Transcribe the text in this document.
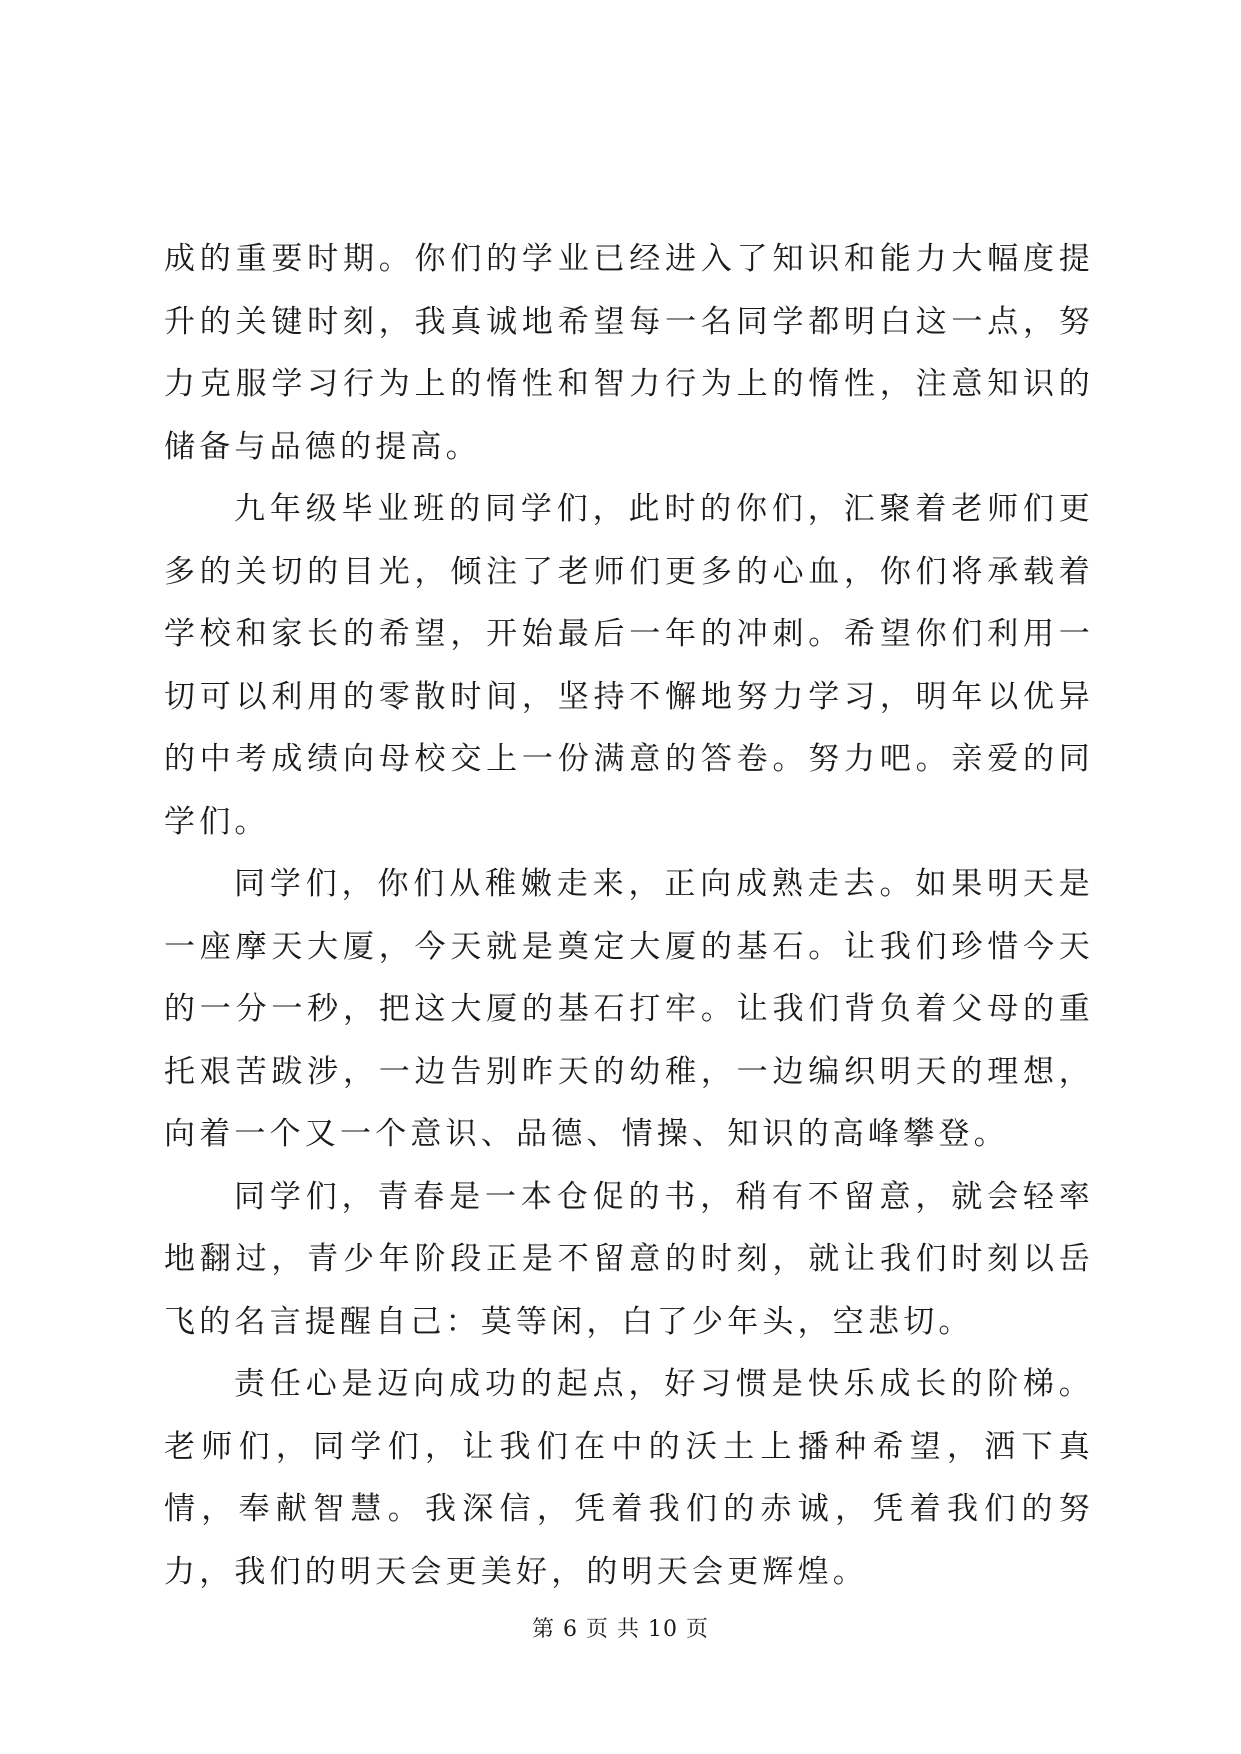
成的重要时期。你们的学业已经进入了知识和能力大幅度提升的关键时刻，我真诚地希望每一名同学都明白这一点，努力克服学习行为上的惰性和智力行为上的惰性，注意知识的储备与品德的提高。

九年级毕业班的同学们，此时的你们，汇聚着老师们更多的关切的目光，倾注了老师们更多的心血，你们将承载着学校和家长的希望，开始最后一年的冲刺。希望你们利用一切可以利用的零散时间，坚持不懈地努力学习，明年以优异的中考成绩向母校交上一份满意的答卷。努力吧。亲爱的同学们。

同学们，你们从稚嫩走来，正向成熟走去。如果明天是一座摩天大厦，今天就是奠定大厦的基石。让我们珍惜今天的一分一秒，把这大厦的基石打牢。让我们背负着父母的重托艰苦跋涉，一边告别昨天的幼稚，一边编织明天的理想，向着一个又一个意识、品德、情操、知识的高峰攀登。

同学们，青春是一本仓促的书，稍有不留意，就会轻率地翻过，青少年阶段正是不留意的时刻，就让我们时刻以岳飞的名言提醒自己：莫等闲，白了少年头，空悲切。

责任心是迈向成功的起点，好习惯是快乐成长的阶梯。老师们，同学们，让我们在中的沃土上播种希望，洒下真情，奉献智慧。我深信，凭着我们的赤诚，凭着我们的努力，我们的明天会更美好，的明天会更辉煌。

第 6 页 共 10 页
